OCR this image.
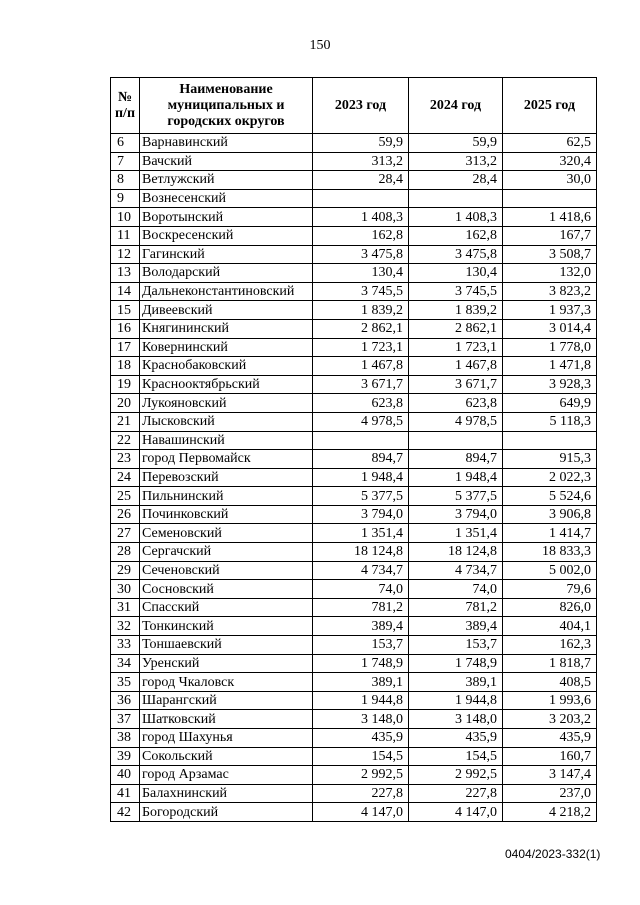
150
№
п/п	Наименование муниципальных и городских округов	2023 год	2024 год	2025 год
6	Варнавинский	59,9	59,9	62,5
7	Вачский	313,2	313,2	320,4
8	Ветлужский	28,4	28,4	30,0
9	Вознесенский			
10	Воротынский	1 408,3	1 408,3	1 418,6
11	Воскресенский	162,8	162,8	167,7
12	Гагинский	3 475,8	3 475,8	3 508,7
13	Володарский	130,4	130,4	132,0
14	Дальнеконстантиновский	3 745,5	3 745,5	3 823,2
15	Дивеевский	1 839,2	1 839,2	1 937,3
16	Княгининский	2 862,1	2 862,1	3 014,4
17	Ковернинский	1 723,1	1 723,1	1 778,0
18	Краснобаковский	1 467,8	1 467,8	1 471,8
19	Краснооктябрьский	3 671,7	3 671,7	3 928,3
20	Лукояновский	623,8	623,8	649,9
21	Лысковский	4 978,5	4 978,5	5 118,3
22	Навашинский			
23	город Первомайск	894,7	894,7	915,3
24	Перевозский	1 948,4	1 948,4	2 022,3
25	Пильнинский	5 377,5	5 377,5	5 524,6
26	Починковский	3 794,0	3 794,0	3 906,8
27	Семеновский	1 351,4	1 351,4	1 414,7
28	Сергачский	18 124,8	18 124,8	18 833,3
29	Сеченовский	4 734,7	4 734,7	5 002,0
30	Сосновский	74,0	74,0	79,6
31	Спасский	781,2	781,2	826,0
32	Тонкинский	389,4	389,4	404,1
33	Тоншаевский	153,7	153,7	162,3
34	Уренский	1 748,9	1 748,9	1 818,7
35	город Чкаловск	389,1	389,1	408,5
36	Шарангский	1 944,8	1 944,8	1 993,6
37	Шатковский	3 148,0	3 148,0	3 203,2
38	город Шахунья	435,9	435,9	435,9
39	Сокольский	154,5	154,5	160,7
40	город Арзамас	2 992,5	2 992,5	3 147,4
41	Балахнинский	227,8	227,8	237,0
42	Богородский	4 147,0	4 147,0	4 218,2
0404/2023-332(1)
